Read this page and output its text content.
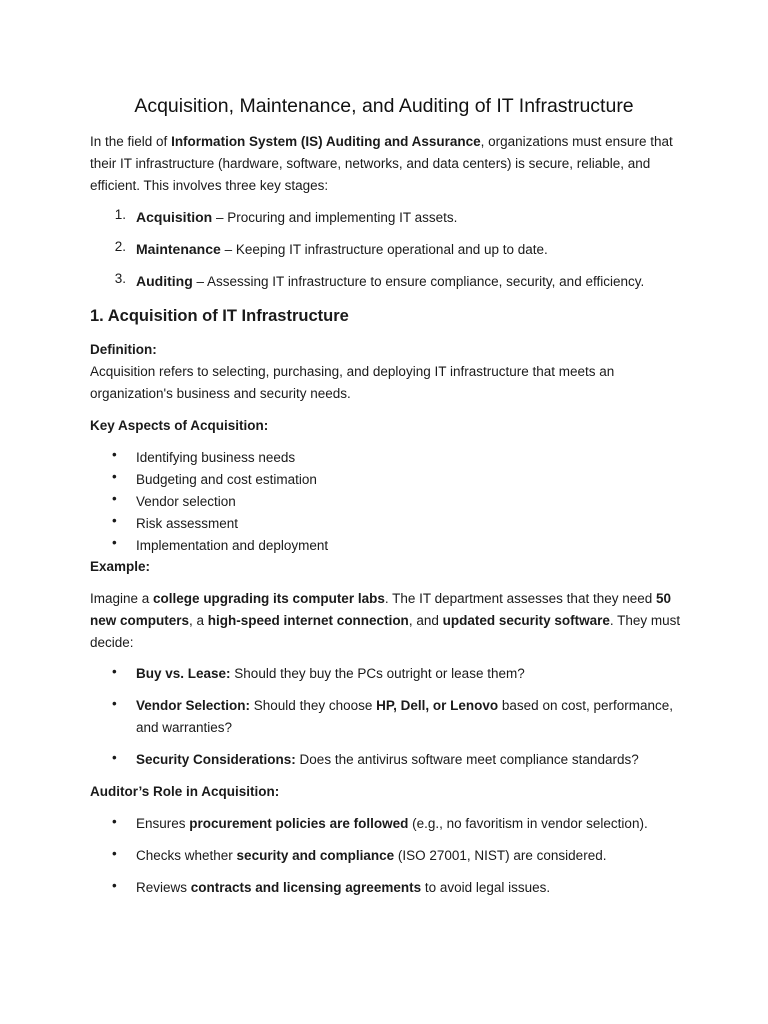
Acquisition, Maintenance, and Auditing of IT Infrastructure
In the field of Information System (IS) Auditing and Assurance, organizations must ensure that
their IT infrastructure (hardware, software, networks, and data centers) is secure, reliable, and
efficient. This involves three key stages:
1. Acquisition – Procuring and implementing IT assets.
2. Maintenance – Keeping IT infrastructure operational and up to date.
3. Auditing – Assessing IT infrastructure to ensure compliance, security, and efficiency.
1. Acquisition of IT Infrastructure
Definition:
Acquisition refers to selecting, purchasing, and deploying IT infrastructure that meets an
organization's business and security needs.
Key Aspects of Acquisition:
• Identifying business needs
• Budgeting and cost estimation
• Vendor selection
• Risk assessment
• Implementation and deployment
Example:
Imagine a college upgrading its computer labs. The IT department assesses that they need 50
new computers, a high-speed internet connection, and updated security software. They must
decide:
• Buy vs. Lease: Should they buy the PCs outright or lease them?
• Vendor Selection: Should they choose HP, Dell, or Lenovo based on cost, performance,
and warranties?
• Security Considerations: Does the antivirus software meet compliance standards?
Auditor’s Role in Acquisition:
• Ensures procurement policies are followed (e.g., no favoritism in vendor selection).
• Checks whether security and compliance (ISO 27001, NIST) are considered.
• Reviews contracts and licensing agreements to avoid legal issues.
